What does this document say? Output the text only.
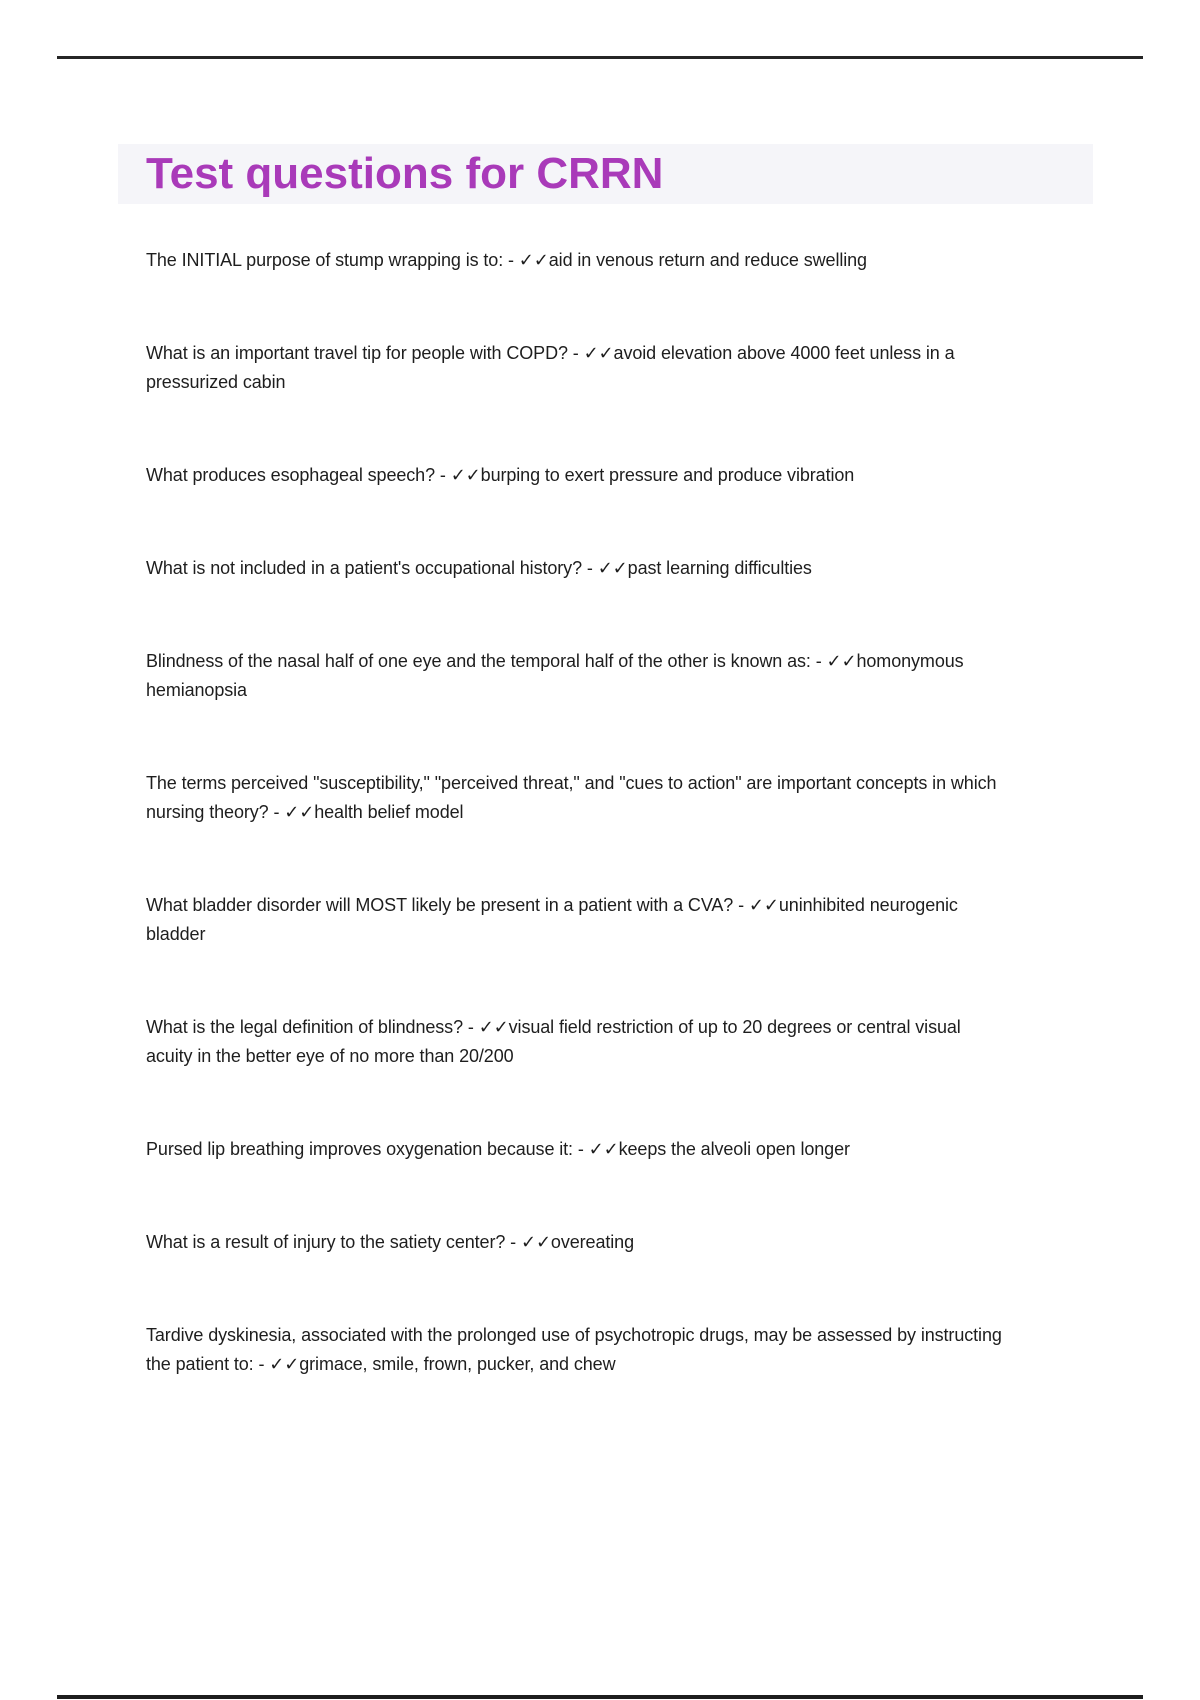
Test questions for CRRN

The INITIAL purpose of stump wrapping is to: - ✓✓aid in venous return and reduce swelling

What is an important travel tip for people with COPD? - ✓✓avoid elevation above 4000 feet unless in a pressurized cabin

What produces esophageal speech? - ✓✓burping to exert pressure and produce vibration

What is not included in a patient's occupational history? - ✓✓past learning difficulties

Blindness of the nasal half of one eye and the temporal half of the other is known as: - ✓✓homonymous hemianopsia

The terms perceived "susceptibility," "perceived threat," and "cues to action" are important concepts in which nursing theory? - ✓✓health belief model

What bladder disorder will MOST likely be present in a patient with a CVA? - ✓✓uninhibited neurogenic bladder

What is the legal definition of blindness? - ✓✓visual field restriction of up to 20 degrees or central visual acuity in the better eye of no more than 20/200

Pursed lip breathing improves oxygenation because it: - ✓✓keeps the alveoli open longer

What is a result of injury to the satiety center? - ✓✓overeating

Tardive dyskinesia, associated with the prolonged use of psychotropic drugs, may be assessed by instructing the patient to: - ✓✓grimace, smile, frown, pucker, and chew
